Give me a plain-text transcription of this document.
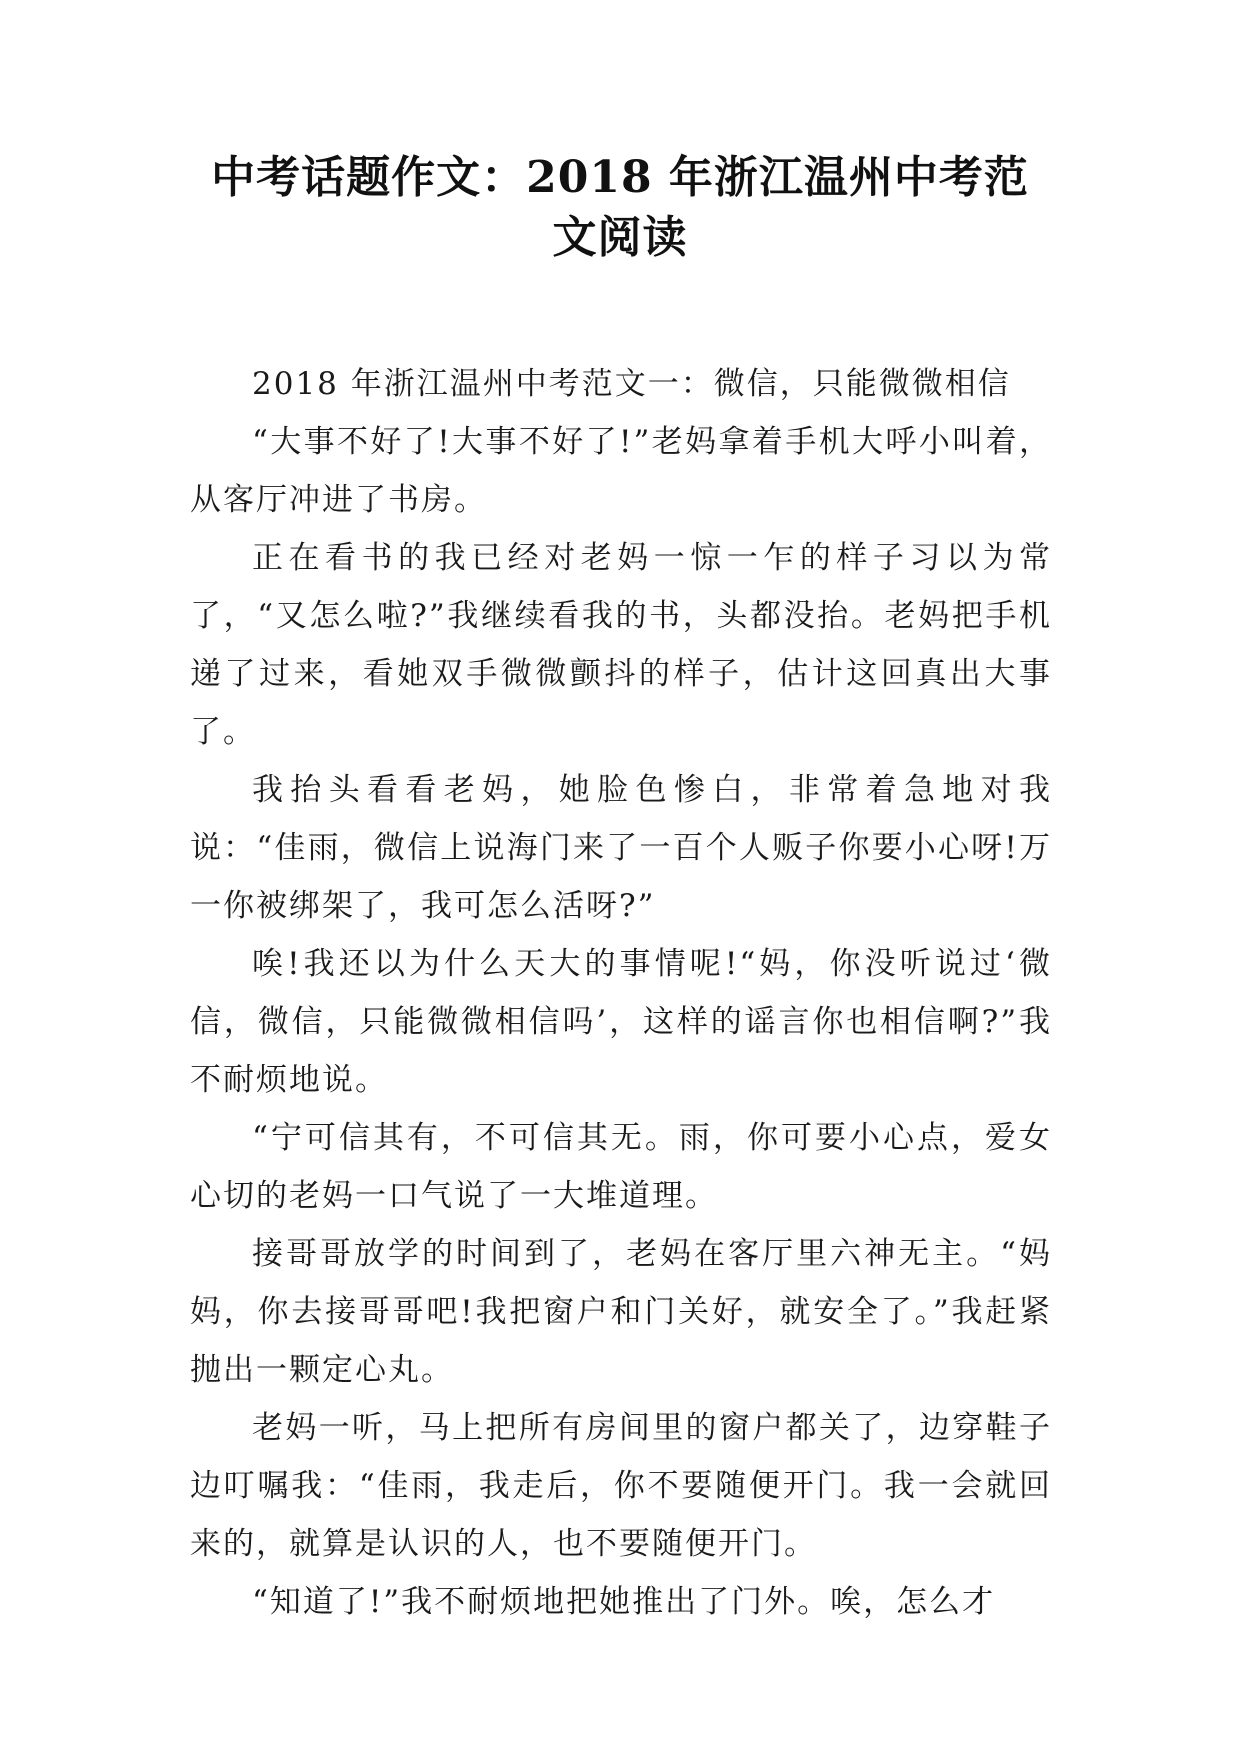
中考话题作文：2018 年浙江温州中考范文阅读

2018 年浙江温州中考范文一：微信，只能微微相信

“大事不好了!大事不好了!”老妈拿着手机大呼小叫着，从客厅冲进了书房。

正在看书的我已经对老妈一惊一乍的样子习以为常了，“又怎么啦?”我继续看我的书，头都没抬。老妈把手机递了过来，看她双手微微颤抖的样子，估计这回真出大事了。

我抬头看看老妈，她脸色惨白，非常着急地对我说：“佳雨，微信上说海门来了一百个人贩子你要小心呀!万一你被绑架了，我可怎么活呀?”

唉!我还以为什么天大的事情呢!“妈，你没听说过‘微信，微信，只能微微相信吗’，这样的谣言你也相信啊?”我不耐烦地说。

“宁可信其有，不可信其无。雨，你可要小心点，爱女心切的老妈一口气说了一大堆道理。

接哥哥放学的时间到了，老妈在客厅里六神无主。“妈妈，你去接哥哥吧!我把窗户和门关好，就安全了。”我赶紧抛出一颗定心丸。

老妈一听，马上把所有房间里的窗户都关了，边穿鞋子边叮嘱我：“佳雨，我走后，你不要随便开门。我一会就回来的，就算是认识的人，也不要随便开门。

“知道了!”我不耐烦地把她推出了门外。唉，怎么才
